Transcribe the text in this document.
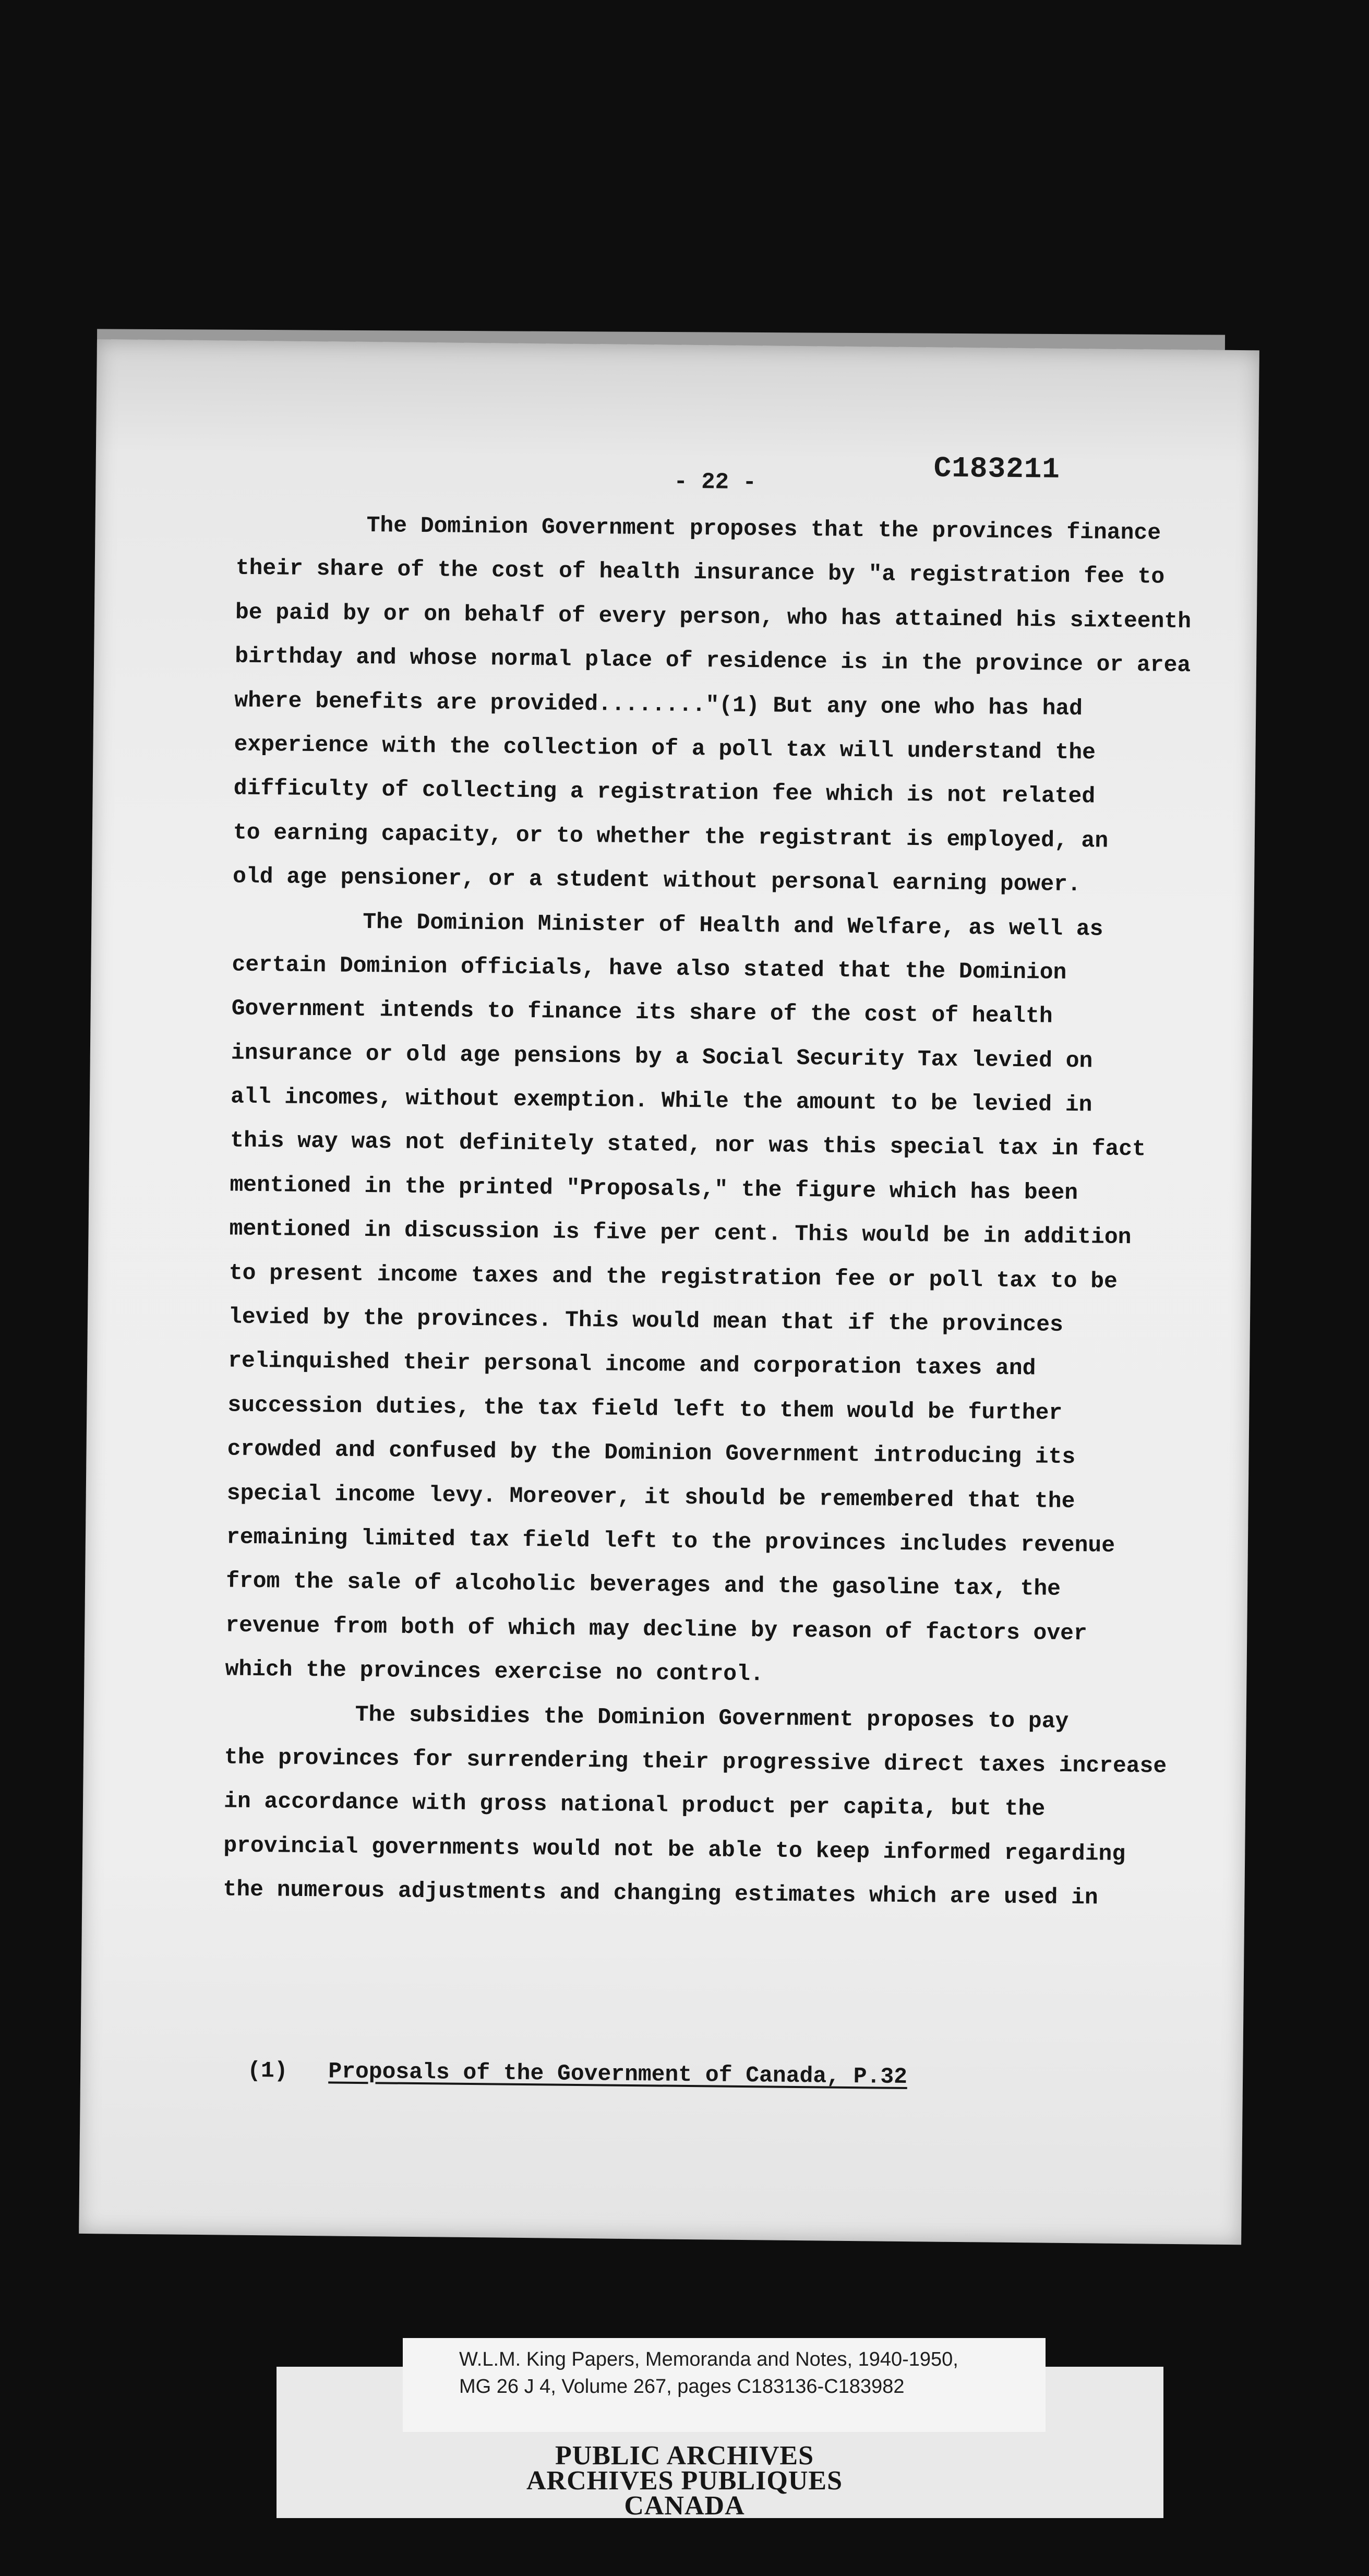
- 22 -	C183211
The Dominion Government proposes that the provinces finance
their share of the cost of health insurance by "a registration fee to
be paid by or on behalf of every person, who has attained his sixteenth
birthday and whose normal place of residence is in the province or area
where benefits are provided........"(1) But any one who has had
experience with the collection of a poll tax will understand the
difficulty of collecting a registration fee which is not related
to earning capacity, or to whether the registrant is employed, an
old age pensioner, or a student without personal earning power.
The Dominion Minister of Health and Welfare, as well as
certain Dominion officials, have also stated that the Dominion
Government intends to finance its share of the cost of health
insurance or old age pensions by a Social Security Tax levied on
all incomes, without exemption. While the amount to be levied in
this way was not definitely stated, nor was this special tax in fact
mentioned in the printed "Proposals," the figure which has been
mentioned in discussion is five per cent. This would be in addition
to present income taxes and the registration fee or poll tax to be
levied by the provinces. This would mean that if the provinces
relinquished their personal income and corporation taxes and
succession duties, the tax field left to them would be further
crowded and confused by the Dominion Government introducing its
special income levy. Moreover, it should be remembered that the
remaining limited tax field left to the provinces includes revenue
from the sale of alcoholic beverages and the gasoline tax, the
revenue from both of which may decline by reason of factors over
which the provinces exercise no control.
The subsidies the Dominion Government proposes to pay
the provinces for surrendering their progressive direct taxes increase
in accordance with gross national product per capita, but the
provincial governments would not be able to keep informed regarding
the numerous adjustments and changing estimates which are used in
(1) Proposals of the Government of Canada, P.32
W.L.M. King Papers, Memoranda and Notes, 1940-1950,
MG 26 J 4, Volume 267, pages C183136-C183982
PUBLIC ARCHIVES
ARCHIVES PUBLIQUES
CANADA
